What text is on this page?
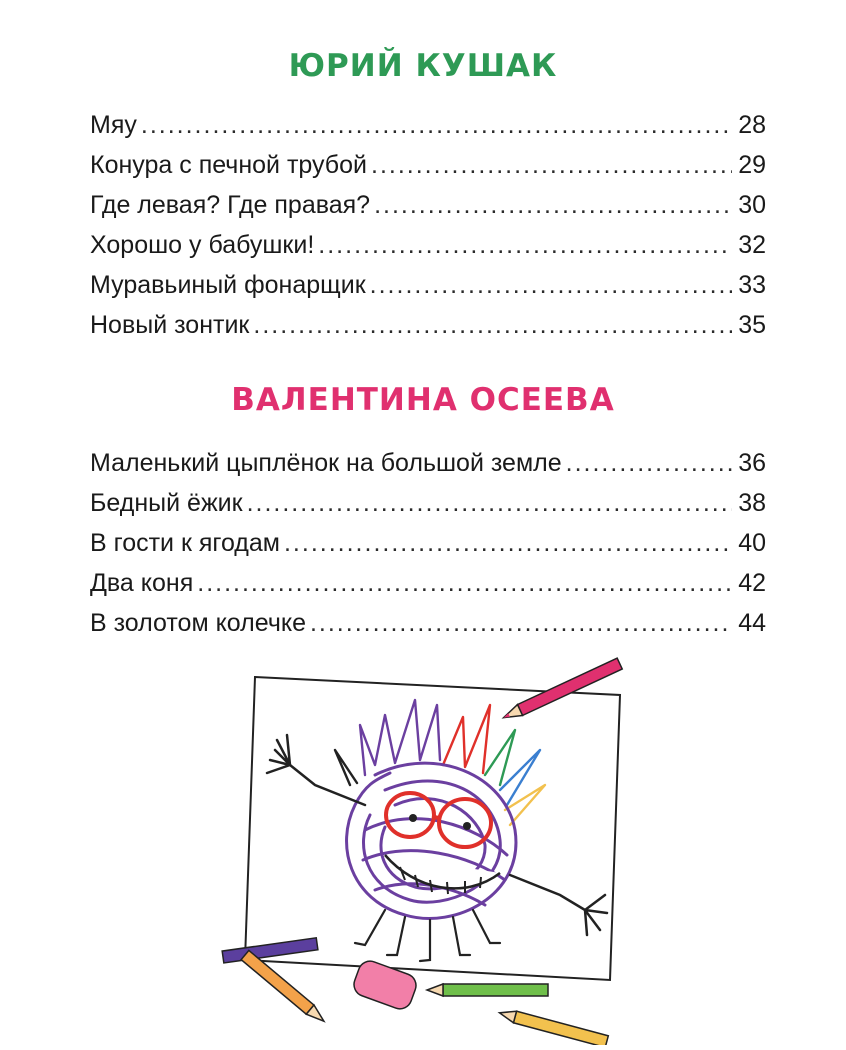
ЮРИЙ КУШАК
Мяу .....	28
Конура с печной трубой .....	29
Где левая? Где правая? .....	30
Хорошо у бабушки! .....	32
Муравьиный фонарщик .....	33
Новый зонтик .....	35
ВАЛЕНТИНА ОСЕЕВА
Маленький цыплёнок на большой земле .....	36
Бедный ёжик .....	38
В гости к ягодам .....	40
Два коня .....	42
В золотом колечке .....	44
